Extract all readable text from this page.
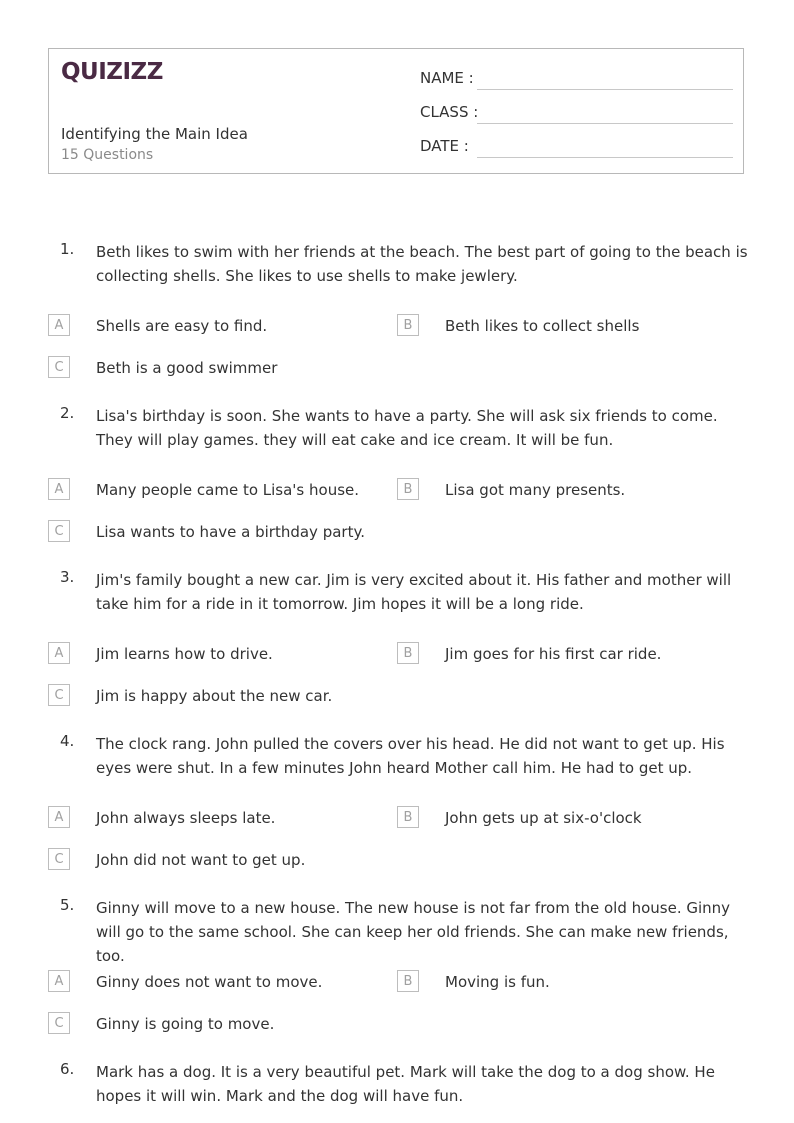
QUIZIZZ
Identifying the Main Idea
15 Questions
NAME :
CLASS :
DATE :
1. Beth likes to swim with her friends at the beach. The best part of going to the beach is collecting shells. She likes to use shells to make jewlery.
A	Shells are easy to find.	B	Beth likes to collect shells
C	Beth is a good swimmer
2. Lisa's birthday is soon. She wants to have a party. She will ask six friends to come. They will play games. they will eat cake and ice cream. It will be fun.
A	Many people came to Lisa's house.	B	Lisa got many presents.
C	Lisa wants to have a birthday party.
3. Jim's family bought a new car. Jim is very excited about it. His father and mother will take him for a ride in it tomorrow. Jim hopes it will be a long ride.
A	Jim learns how to drive.	B	Jim goes for his first car ride.
C	Jim is happy about the new car.
4. The clock rang. John pulled the covers over his head. He did not want to get up. His eyes were shut. In a few minutes John heard Mother call him. He had to get up.
A	John always sleeps late.	B	John gets up at six-o'clock
C	John did not want to get up.
5. Ginny will move to a new house. The new house is not far from the old house. Ginny will go to the same school. She can keep her old friends. She can make new friends, too.
A	Ginny does not want to move.	B	Moving is fun.
C	Ginny is going to move.
6. Mark has a dog. It is a very beautiful pet. Mark will take the dog to a dog show. He hopes it will win. Mark and the dog will have fun.
